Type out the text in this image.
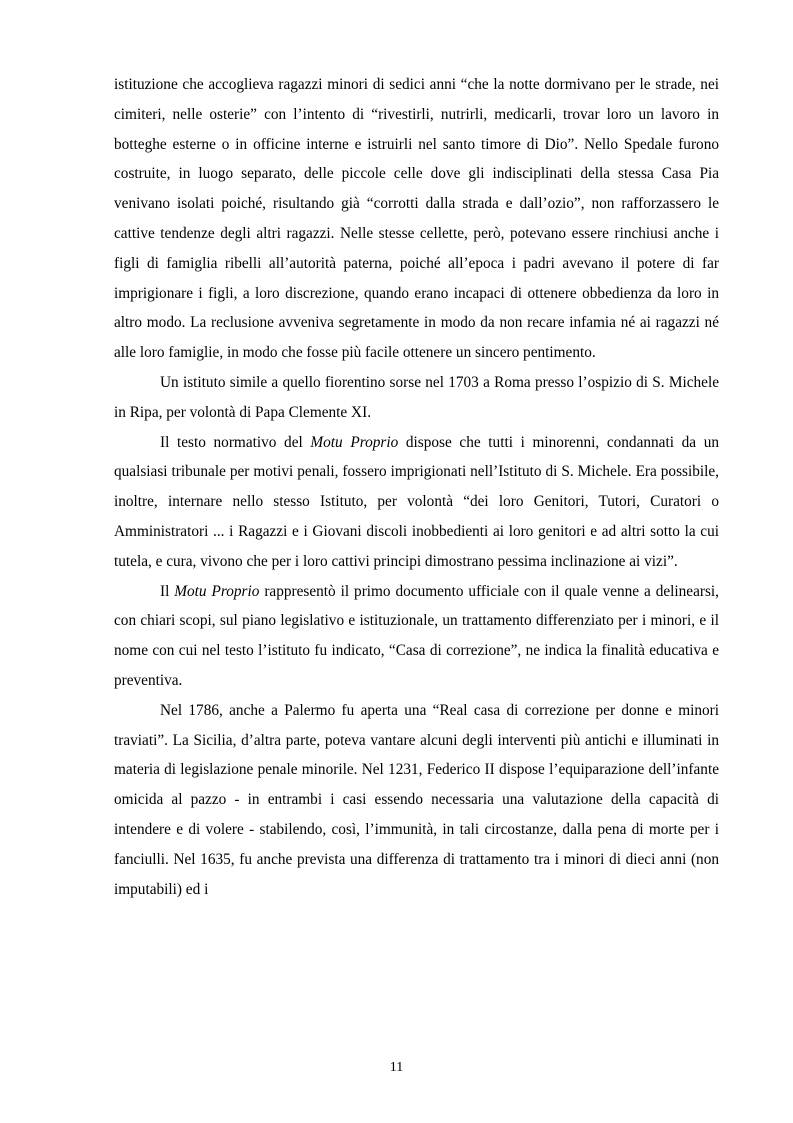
istituzione che accoglieva ragazzi minori di sedici anni “che la notte dormivano per le strade, nei cimiteri, nelle osterie” con l’intento di “rivestirli, nutrirli, medicarli, trovar loro un lavoro in botteghe esterne o in officine interne e istruirli nel santo timore di Dio”. Nello Spedale furono costruite, in luogo separato, delle piccole celle dove gli indisciplinati della stessa Casa Pia venivano isolati poiché, risultando già “corrotti dalla strada e dall’ozio”, non rafforzassero le cattive tendenze degli altri ragazzi. Nelle stesse cellette, però, potevano essere rinchiusi anche i figli di famiglia ribelli all’autorità paterna, poiché all’epoca i padri avevano il potere di far imprigionare i figli, a loro discrezione, quando erano incapaci di ottenere obbedienza da loro in altro modo. La reclusione avveniva segretamente in modo da non recare infamia né ai ragazzi né alle loro famiglie, in modo che fosse più facile ottenere un sincero pentimento.

Un istituto simile a quello fiorentino sorse nel 1703 a Roma presso l’ospizio di S. Michele in Ripa, per volontà di Papa Clemente XI.

Il testo normativo del Motu Proprio dispose che tutti i minorenni, condannati da un qualsiasi tribunale per motivi penali, fossero imprigionati nell’Istituto di S. Michele. Era possibile, inoltre, internare nello stesso Istituto, per volontà “dei loro Genitori, Tutori, Curatori o Amministratori ... i Ragazzi e i Giovani discoli inobbedienti ai loro genitori e ad altri sotto la cui tutela, e cura, vivono che per i loro cattivi principi dimostrano pessima inclinazione ai vizi”.

Il Motu Proprio rappresentò il primo documento ufficiale con il quale venne a delinearsi, con chiari scopi, sul piano legislativo e istituzionale, un trattamento differenziato per i minori, e il nome con cui nel testo l’istituto fu indicato, “Casa di correzione”, ne indica la finalità educativa e preventiva.

Nel 1786, anche a Palermo fu aperta una “Real casa di correzione per donne e minori traviati”. La Sicilia, d’altra parte, poteva vantare alcuni degli interventi più antichi e illuminati in materia di legislazione penale minorile. Nel 1231, Federico II dispose l’equiparazione dell’infante omicida al pazzo - in entrambi i casi essendo necessaria una valutazione della capacità di intendere e di volere - stabilendo, così, l’immunità, in tali circostanze, dalla pena di morte per i fanciulli. Nel 1635, fu anche prevista una differenza di trattamento tra i minori di dieci anni (non imputabili) ed i

11
